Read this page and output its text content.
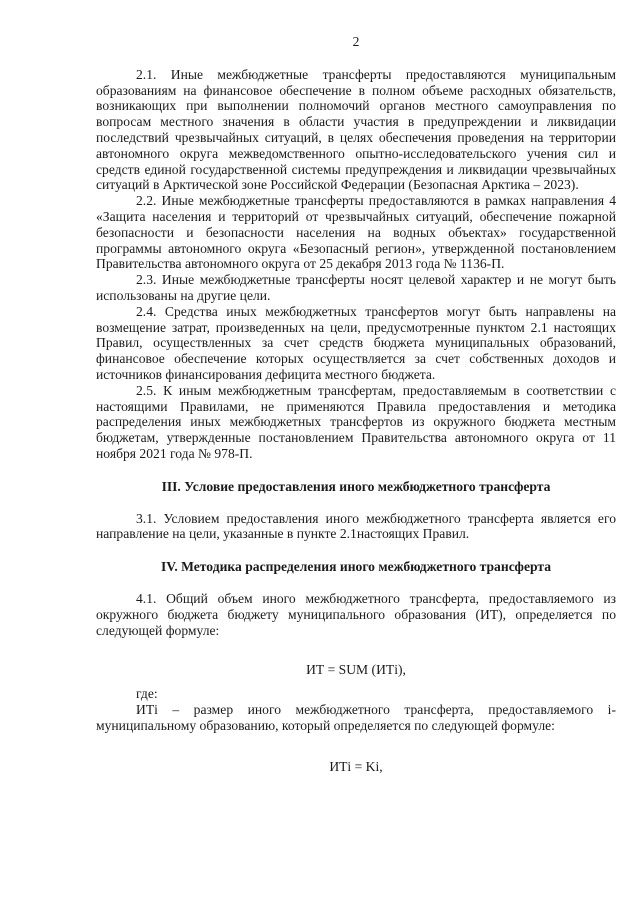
2

2.1. Иные межбюджетные трансферты предоставляются муниципальным образованиям на финансовое обеспечение в полном объеме расходных обязательств, возникающих при выполнении полномочий органов местного самоуправления по вопросам местного значения в области участия в предупреждении и ликвидации последствий чрезвычайных ситуаций, в целях обеспечения проведения на территории автономного округа межведомственного опытно-исследовательского учения сил и средств единой государственной системы предупреждения и ликвидации чрезвычайных ситуаций в Арктической зоне Российской Федерации (Безопасная Арктика – 2023).

2.2. Иные межбюджетные трансферты предоставляются в рамках направления 4 «Защита населения и территорий от чрезвычайных ситуаций, обеспечение пожарной безопасности и безопасности населения на водных объектах» государственной программы автономного округа «Безопасный регион», утвержденной постановлением Правительства автономного округа от 25 декабря 2013 года № 1136-П.

2.3. Иные межбюджетные трансферты носят целевой характер и не могут быть использованы на другие цели.

2.4. Средства иных межбюджетных трансфертов могут быть направлены на возмещение затрат, произведенных на цели, предусмотренные пунктом 2.1 настоящих Правил, осуществленных за счет средств бюджета муниципальных образований, финансовое обеспечение которых осуществляется за счет собственных доходов и источников финансирования дефицита местного бюджета.

2.5. К иным межбюджетным трансфертам, предоставляемым в соответствии с настоящими Правилами, не применяются Правила предоставления и методика распределения иных межбюджетных трансфертов из окружного бюджета местным бюджетам, утвержденные постановлением Правительства автономного округа от 11 ноября 2021 года № 978-П.

III. Условие предоставления иного межбюджетного трансферта

3.1. Условием предоставления иного межбюджетного трансферта является его направление на цели, указанные в пункте 2.1настоящих Правил.

IV. Методика распределения иного межбюджетного трансферта

4.1. Общий объем иного межбюджетного трансферта, предоставляемого из окружного бюджета бюджету муниципального образования (ИТ), определяется по следующей формуле:

ИТ = SUM (ИТi),

где:

ИТi – размер иного межбюджетного трансферта, предоставляемого i-муниципальному образованию, который определяется по следующей формуле:

ИТi = Ki,
